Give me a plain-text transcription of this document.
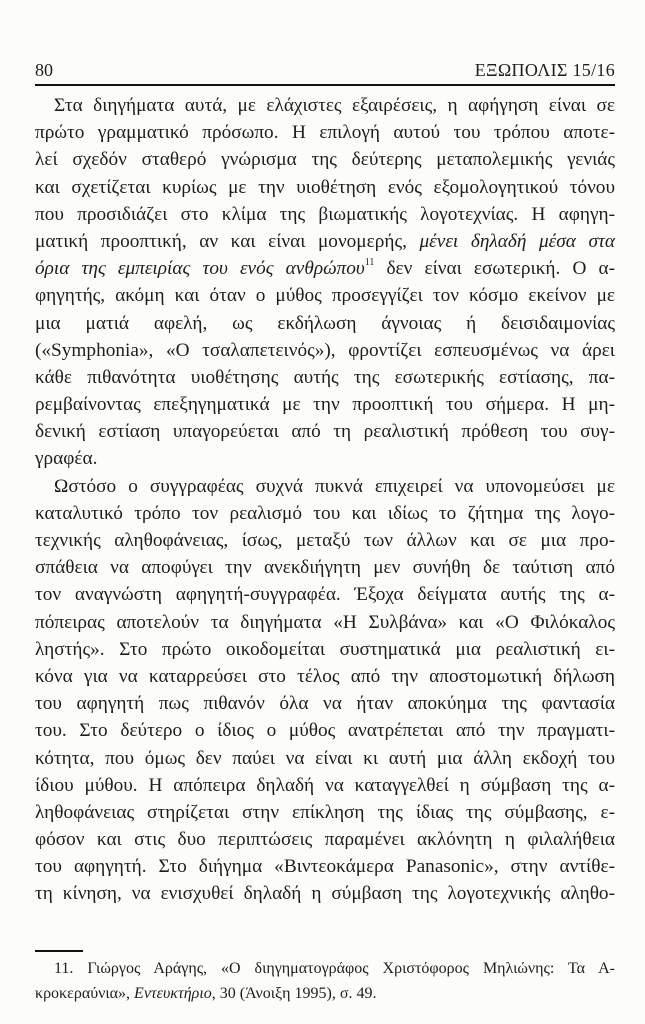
80	ΕΞΩΠΟΛΙΣ 15/16
Στα διηγήματα αυτά, με ελάχιστες εξαιρέσεις, η αφήγηση είναι σε
πρώτο γραμματικό πρόσωπο. Η επιλογή αυτού του τρόπου αποτε-
λεί σχεδόν σταθερό γνώρισμα της δεύτερης μεταπολεμικής γενιάς
και σχετίζεται κυρίως με την υιοθέτηση ενός εξομολογητικού τόνου
που προσιδιάζει στο κλίμα της βιωματικής λογοτεχνίας. Η αφηγη-
ματική προοπτική, αν και είναι μονομερής, μένει δηλαδή μέσα στα
όρια της εμπειρίας του ενός ανθρώπου$^{11}$ δεν είναι εσωτερική. Ο α-
φηγητής, ακόμη και όταν ο μύθος προσεγγίζει τον κόσμο εκείνον με
μια ματιά αφελή, ως εκδήλωση άγνοιας ή δεισιδαιμονίας
(«Symphonia», «Ο τσαλαπετεινός»), φροντίζει εσπευσμένως να άρει
κάθε πιθανότητα υιοθέτησης αυτής της εσωτερικής εστίασης, πα-
ρεμβαίνοντας επεξηγηματικά με την προοπτική του σήμερα. Η μη-
δενική εστίαση υπαγορεύεται από τη ρεαλιστική πρόθεση του συγ-
γραφέα.
Ωστόσο ο συγγραφέας συχνά πυκνά επιχειρεί να υπονομεύσει με
καταλυτικό τρόπο τον ρεαλισμό του και ιδίως το ζήτημα της λογο-
τεχνικής αληθοφάνειας, ίσως, μεταξύ των άλλων και σε μια προ-
σπάθεια να αποφύγει την ανεκδιήγητη μεν συνήθη δε ταύτιση από
τον αναγνώστη αφηγητή-συγγραφέα. Έξοχα δείγματα αυτής της α-
πόπειρας αποτελούν τα διηγήματα «Η Συλβάνα» και «Ο Φιλόκαλος
ληστής». Στο πρώτο οικοδομείται συστηματικά μια ρεαλιστική ει-
κόνα για να καταρρεύσει στο τέλος από την αποστομωτική δήλωση
του αφηγητή πως πιθανόν όλα να ήταν αποκύημα της φαντασία
του. Στο δεύτερο ο ίδιος ο μύθος ανατρέπεται από την πραγματι-
κότητα, που όμως δεν παύει να είναι κι αυτή μια άλλη εκδοχή του
ίδιου μύθου. Η απόπειρα δηλαδή να καταγγελθεί η σύμβαση της α-
ληθοφάνειας στηρίζεται στην επίκληση της ίδιας της σύμβασης, ε-
φόσον και στις δυο περιπτώσεις παραμένει ακλόνητη η φιλαλήθεια
του αφηγητή. Στο διήγημα «Βιντεοκάμερα Panasonic», στην αντίθε-
τη κίνηση, να ενισχυθεί δηλαδή η σύμβαση της λογοτεχνικής αληθο-
11. Γιώργος Αράγης, «Ο διηγηματογράφος Χριστόφορος Μηλιώνης: Τα Α-
κροκεραύνια», Εντευκτήριο, 30 (Άνοιξη 1995), σ. 49.
